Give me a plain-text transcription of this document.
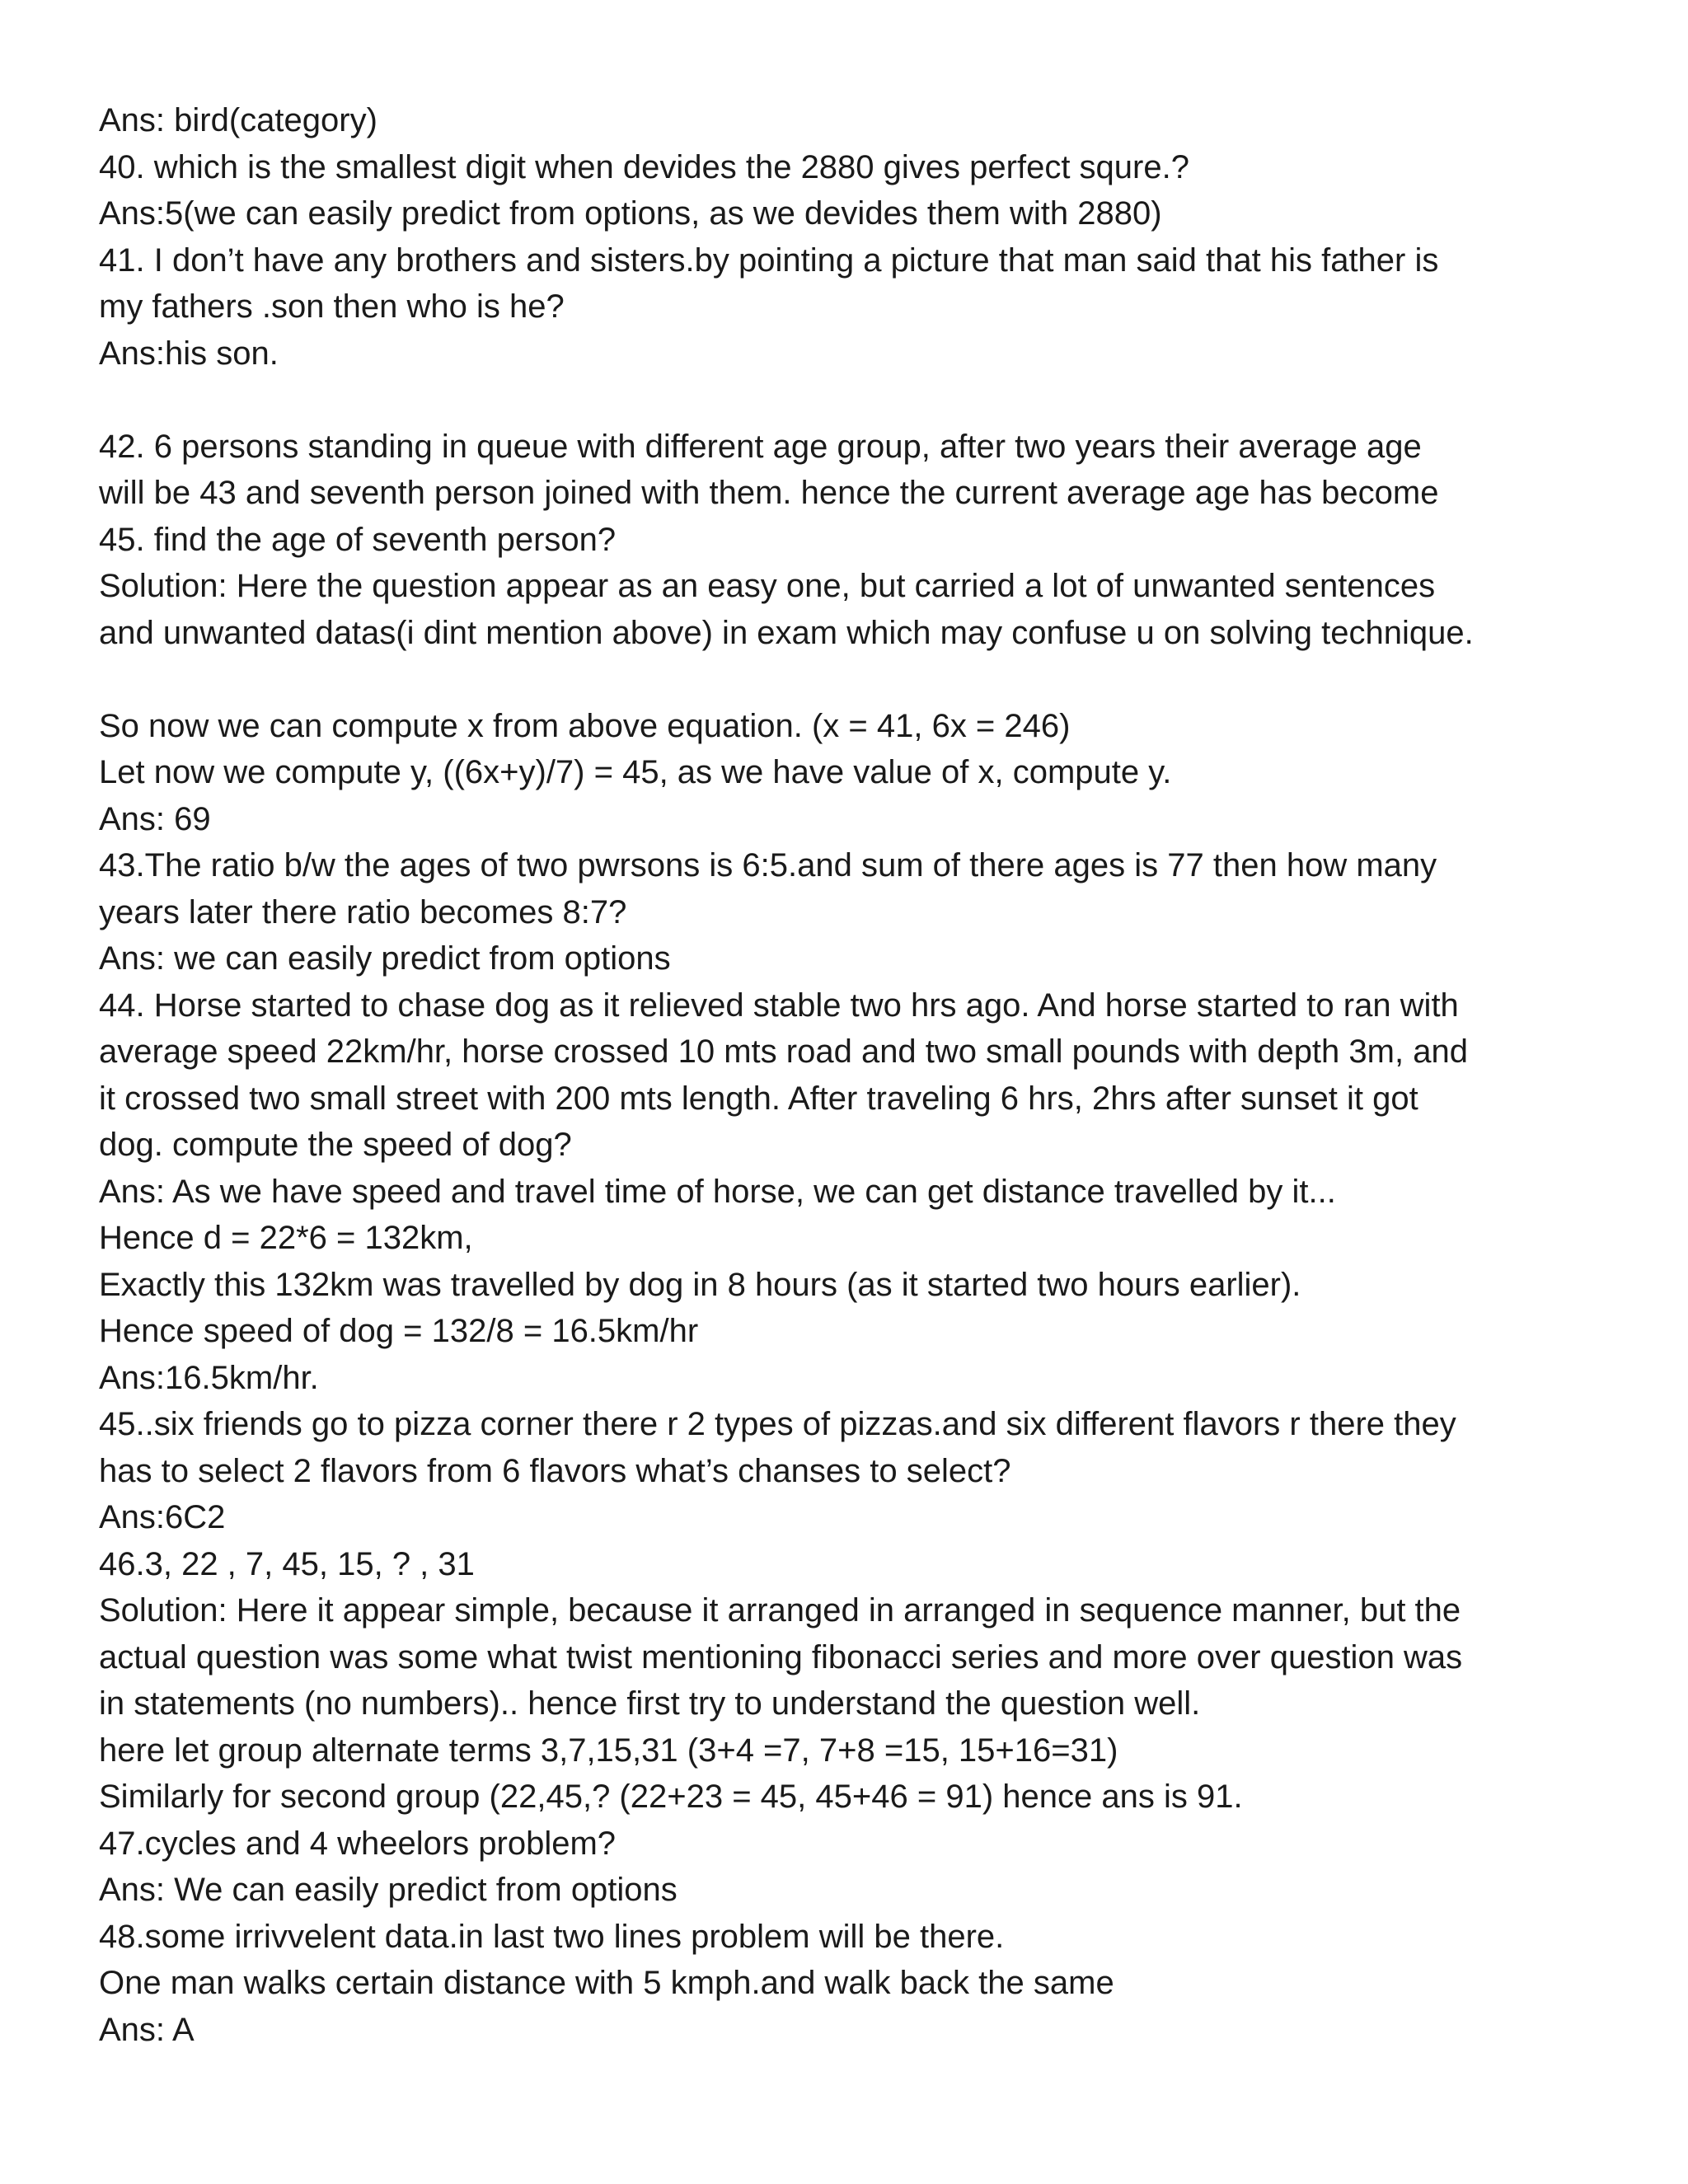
Ans: bird(category)
40. which is the smallest digit when devides the 2880 gives perfect squre.?
Ans:5(we can easily predict from options, as we devides them with 2880)
41. I don’t have any brothers and sisters.by pointing a picture that man said that his father is
my fathers .son then who is he?
Ans:his son.
42. 6 persons standing in queue with different age group, after two years their average age
will be 43 and seventh person joined with them. hence the current average age has become
45. find the age of seventh person?
Solution: Here the question appear as an easy one, but carried a lot of unwanted sentences
and unwanted datas(i dint mention above) in exam which may confuse u on solving technique.
So now we can compute x from above equation. (x = 41, 6x = 246)
Let now we compute y, ((6x+y)/7) = 45, as we have value of x, compute y.
Ans: 69
43.The ratio b/w the ages of two pwrsons is 6:5.and sum of there ages is 77 then how many
years later there ratio becomes 8:7?
Ans: we can easily predict from options
44. Horse started to chase dog as it relieved stable two hrs ago. And horse started to ran with
average speed 22km/hr, horse crossed 10 mts road and two small pounds with depth 3m, and
it crossed two small street with 200 mts length. After traveling 6 hrs, 2hrs after sunset it got
dog. compute the speed of dog?
Ans: As we have speed and travel time of horse, we can get distance travelled by it...
Hence d = 22*6 = 132km,
Exactly this 132km was travelled by dog in 8 hours (as it started two hours earlier).
Hence speed of dog = 132/8 = 16.5km/hr
Ans:16.5km/hr.
45..six friends go to pizza corner there r 2 types of pizzas.and six different flavors r there they
has to select 2 flavors from 6 flavors what’s chanses to select?
Ans:6C2
46.3, 22 , 7, 45, 15, ? , 31
Solution: Here it appear simple, because it arranged in arranged in sequence manner, but the
actual question was some what twist mentioning fibonacci series and more over question was
in statements (no numbers).. hence first try to understand the question well.
here let group alternate terms 3,7,15,31 (3+4 =7, 7+8 =15, 15+16=31)
Similarly for second group (22,45,? (22+23 = 45, 45+46 = 91) hence ans is 91.
47.cycles and 4 wheelors problem?
Ans: We can easily predict from options
48.some irrivvelent data.in last two lines problem will be there.
One man walks certain distance with 5 kmph.and walk back the same
Ans: A
